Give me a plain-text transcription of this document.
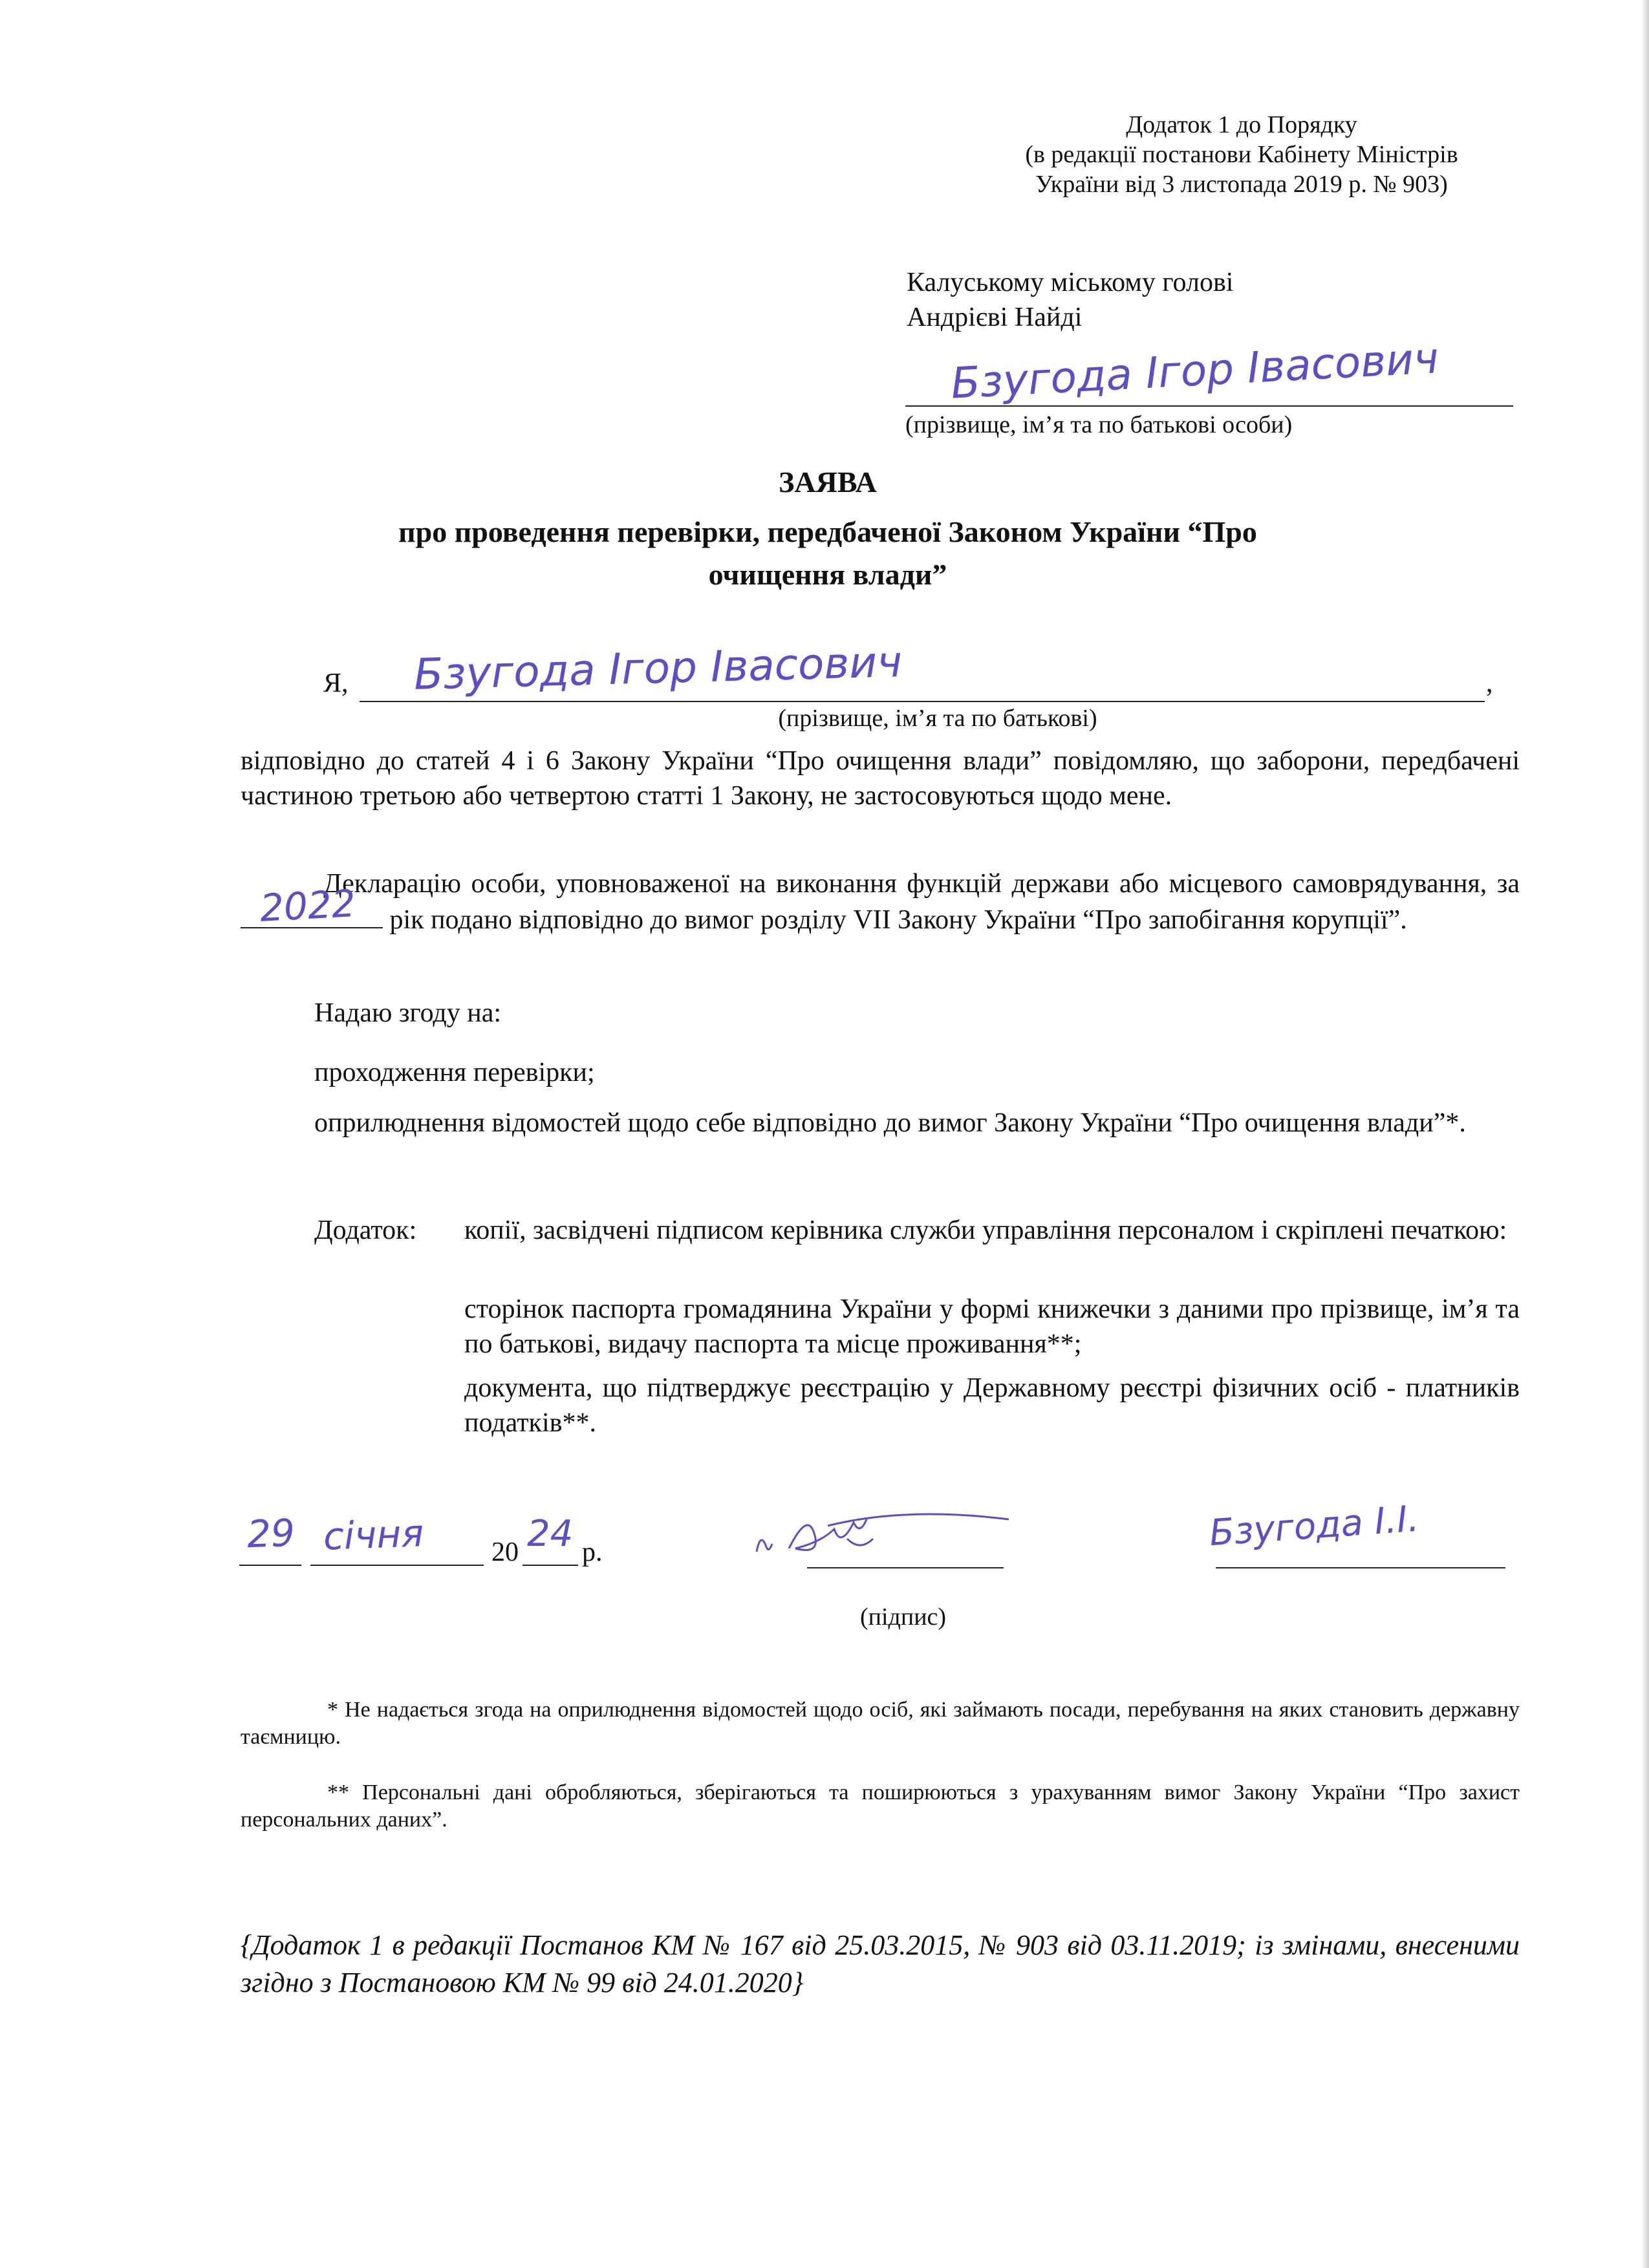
Додаток 1 до Порядку
(в редакції постанови Кабінету Міністрів
України від 3 листопада 2019 р. № 903)
Калуському міському голові
Андрієві Найді
Бзугода Ігор Івасович
(прізвище, ім’я та по батькові особи)
ЗАЯВА
про проведення перевірки, передбаченої Законом України “Про
очищення влади”
Я, Бзугода Ігор Івасович	,
(прізвище, ім’я та по батькові)
відповідно до статей 4 і 6 Закону України “Про очищення влади” повідомляю, що заборони, передбачені частиною третьою або четвертою статті 1 Закону, не застосовуються щодо мене.
Декларацію особи, уповноваженої на виконання функцій держави або місцевого самоврядування, за
2022 рік подано відповідно до вимог розділу VII Закону України “Про запобігання корупції”.
Надаю згоду на:
проходження перевірки;
оприлюднення відомостей щодо себе відповідно до вимог Закону України “Про очищення влади”*.
Додаток: копії, засвідчені підписом керівника служби управління персоналом і скріплені печаткою:
сторінок паспорта громадянина України у формі книжечки з даними про прізвище, ім’я та по батькові, видачу паспорта та місце проживання**;
документа, що підтверджує реєстрацію у Державному реєстрі фізичних осіб - платників податків**.
29 січня 20 24 р.
(підпис)
Бзугода І.І.
* Не надається згода на оприлюднення відомостей щодо осіб, які займають посади, перебування на яких становить державну таємницю.
** Персональні дані обробляються, зберігаються та поширюються з урахуванням вимог Закону України “Про захист персональних даних”.
{Додаток 1 в редакції Постанов КМ № 167 від 25.03.2015, № 903 від 03.11.2019; із змінами, внесеними згідно з Постановою КМ № 99 від 24.01.2020}
